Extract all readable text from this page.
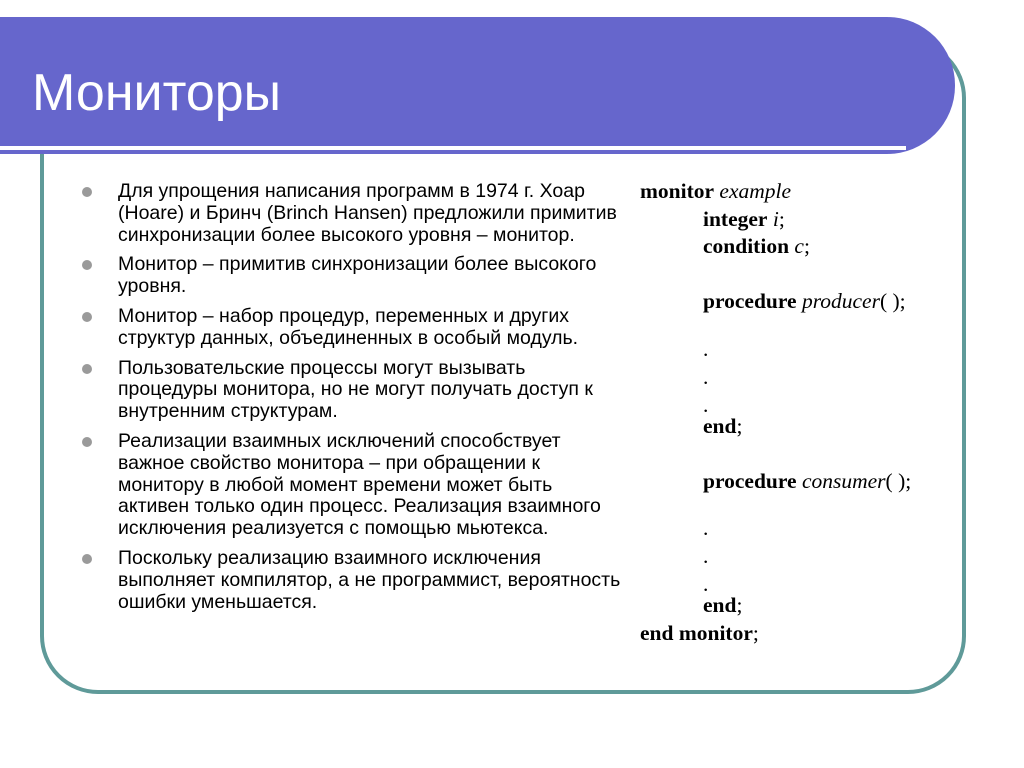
Мониторы
Для упрощения написания программ в 1974 г. Хоар (Hoare) и Бринч (Brinch Hansen) предложили примитив синхронизации более высокого уровня – монитор.
Монитор – примитив синхронизации более высокого уровня.
Монитор – набор процедур, переменных и других структур данных, объединенных в особый модуль.
Пользовательские процессы могут вызывать процедуры монитора, но не могут получать доступ к внутренним структурам.
Реализации взаимных исключений способствует важное свойство монитора – при обращении к монитору в любой момент времени может быть активен только один процесс. Реализация взаимного исключения реализуется с помощью мьютекса.
Поскольку реализацию взаимного исключения выполняет компилятор, а не программист, вероятность ошибки уменьшается.
monitor example
integer i;
condition c;
procedure producer( );
.
.
.
end;
procedure consumer( );
.
.
.
end;
end monitor;
